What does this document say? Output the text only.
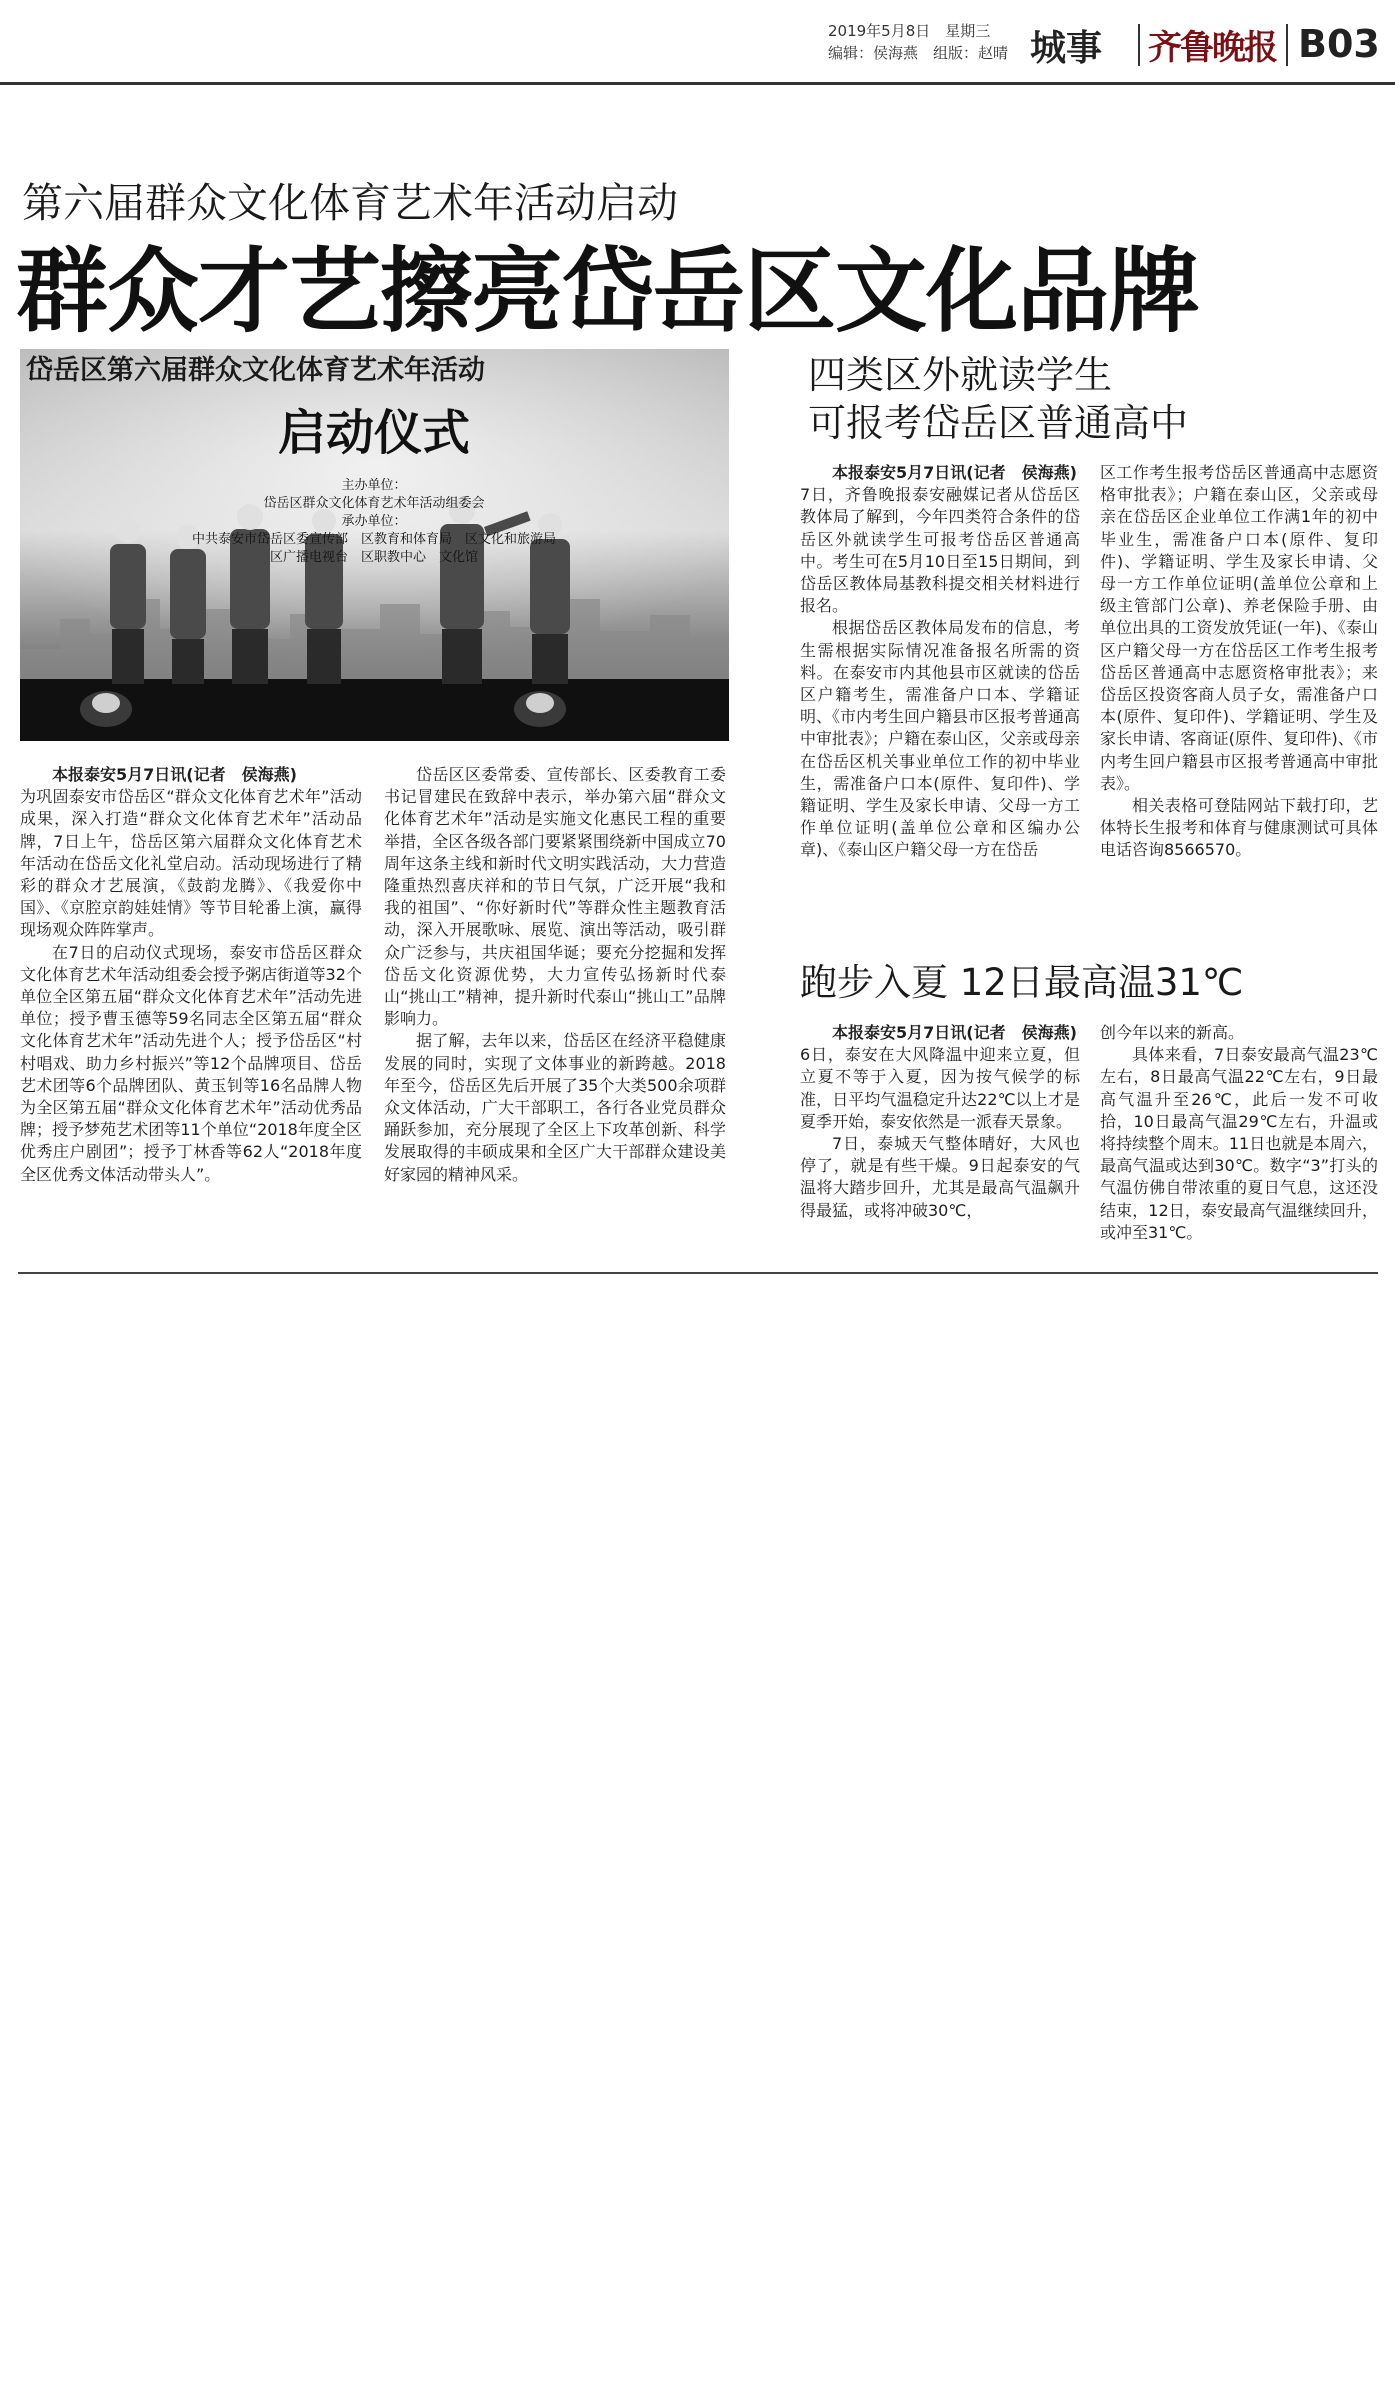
2019年5月8日　星期三
编辑：侯海燕　组版：赵晴 城事 齐鲁晚报 B03
第六届群众文化体育艺术年活动启动
群众才艺擦亮岱岳区文化品牌
岱岳区第六届群众文化体育艺术年活动
启动仪式
主办单位：
岱岳区群众文化体育艺术年活动组委会
承办单位：
中共泰安市岱岳区委宣传部　区教育和体育局　区文化和旅游局
区广播电视台　区职教中心　文化馆

本报泰安5月7日讯(记者　侯海燕)

为巩固泰安市岱岳区“群众文化体育艺术年”活动成果，深入打造“群众文化体育艺术年”活动品牌，7日上午，岱岳区第六届群众文化体育艺术年活动在岱岳文化礼堂启动。活动现场进行了精彩的群众才艺展演，《鼓韵龙腾》、《我爱你中国》、《京腔京韵娃娃情》等节目轮番上演，赢得现场观众阵阵掌声。

在7日的启动仪式现场，泰安市岱岳区群众文化体育艺术年活动组委会授予粥店街道等32个单位全区第五届“群众文化体育艺术年”活动先进单位；授予曹玉德等59名同志全区第五届“群众文化体育艺术年”活动先进个人；授予岱岳区“村村唱戏、助力乡村振兴”等12个品牌项目、岱岳艺术团等6个品牌团队、黄玉钊等16名品牌人物为全区第五届“群众文化体育艺术年”活动优秀品牌；授予梦苑艺术团等11个单位“2018年度全区优秀庄户剧团”；授予丁林香等62人“2018年度全区优秀文体活动带头人”。

岱岳区区委常委、宣传部长、区委教育工委书记冒建民在致辞中表示，举办第六届“群众文化体育艺术年”活动是实施文化惠民工程的重要举措，全区各级各部门要紧紧围绕新中国成立70周年这条主线和新时代文明实践活动，大力营造隆重热烈喜庆祥和的节日气氛，广泛开展“我和我的祖国”、“你好新时代”等群众性主题教育活动，深入开展歌咏、展览、演出等活动，吸引群众广泛参与，共庆祖国华诞；要充分挖掘和发挥岱岳文化资源优势，大力宣传弘扬新时代泰山“挑山工”精神，提升新时代泰山“挑山工”品牌影响力。

据了解，去年以来，岱岳区在经济平稳健康发展的同时，实现了文体事业的新跨越。2018年至今，岱岳区先后开展了35个大类500余项群众文体活动，广大干部职工，各行各业党员群众踊跃参加，充分展现了全区上下攻革创新、科学发展取得的丰硕成果和全区广大干部群众建设美好家园的精神风采。

四类区外就读学生
可报考岱岳区普通高中

本报泰安5月7日讯(记者　侯海燕)

7日，齐鲁晚报泰安融媒记者从岱岳区教体局了解到，今年四类符合条件的岱岳区外就读学生可报考岱岳区普通高中。考生可在5月10日至15日期间，到岱岳区教体局基教科提交相关材料进行报名。

根据岱岳区教体局发布的信息，考生需根据实际情况准备报名所需的资料。在泰安市内其他县市区就读的岱岳区户籍考生，需准备户口本、学籍证明、《市内考生回户籍县市区报考普通高中审批表》；户籍在泰山区，父亲或母亲在岱岳区机关事业单位工作的初中毕业生，需准备户口本(原件、复印件)、学籍证明、学生及家长申请、父母一方工作单位证明(盖单位公章和区编办公章)、《泰山区户籍父母一方在岱岳

区工作考生报考岱岳区普通高中志愿资格审批表》；户籍在泰山区，父亲或母亲在岱岳区企业单位工作满1年的初中毕业生，需准备户口本(原件、复印件)、学籍证明、学生及家长申请、父母一方工作单位证明(盖单位公章和上级主管部门公章)、养老保险手册、由单位出具的工资发放凭证(一年)、《泰山区户籍父母一方在岱岳区工作考生报考岱岳区普通高中志愿资格审批表》；来岱岳区投资客商人员子女，需准备户口本(原件、复印件)、学籍证明、学生及家长申请、客商证(原件、复印件)、《市内考生回户籍县市区报考普通高中审批表》。

相关表格可登陆网站下载打印，艺体特长生报考和体育与健康测试可具体电话咨询8566570。

跑步入夏 12日最高温31℃

本报泰安5月7日讯(记者　侯海燕)

6日，泰安在大风降温中迎来立夏，但立夏不等于入夏，因为按气候学的标准，日平均气温稳定升达22℃以上才是夏季开始，泰安依然是一派春天景象。

7日，泰城天气整体晴好，大风也停了，就是有些干燥。9日起泰安的气温将大踏步回升，尤其是最高气温飙升得最猛，或将冲破30℃，

创今年以来的新高。

具体来看，7日泰安最高气温23℃左右，8日最高气温22℃左右，9日最高气温升至26℃，此后一发不可收拾，10日最高气温29℃左右，升温或将持续整个周末。11日也就是本周六，最高气温或达到30℃。数字“3”打头的气温仿佛自带浓重的夏日气息，这还没结束，12日，泰安最高气温继续回升，或冲至31℃。
